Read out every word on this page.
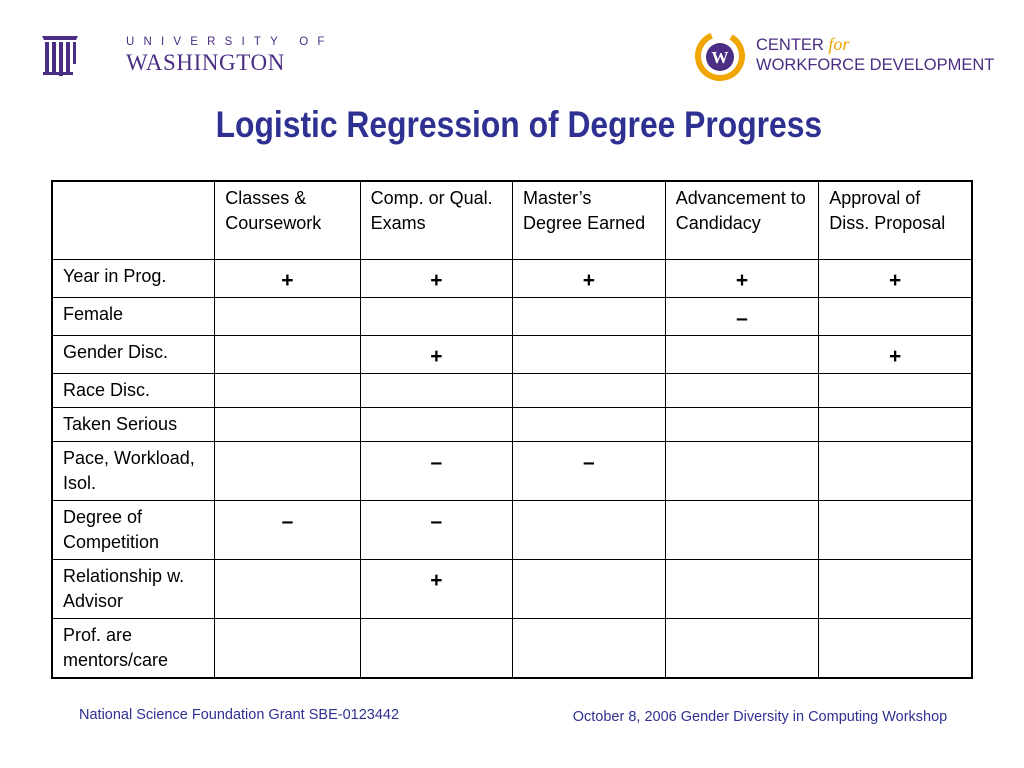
UNIVERSITY OF
WASHINGTON	W
CENTER for
WORKFORCE DEVELOPMENT
Logistic Regression of Degree Progress
	Classes & Coursework	Comp. or Qual. Exams	Master’s Degree Earned	Advancement to Candidacy	Approval of Diss. Proposal
Year in Prog.	+	+	+	+	+
Female				–	
Gender Disc.		+			+
Race Disc.					
Taken Serious					
Pace, Workload, Isol.		–	–		
Degree of Competition	–	–			
Relationship w. Advisor		+			
Prof. are mentors/care					
National Science Foundation Grant SBE-0123442	October 8, 2006 Gender Diversity in Computing Workshop
